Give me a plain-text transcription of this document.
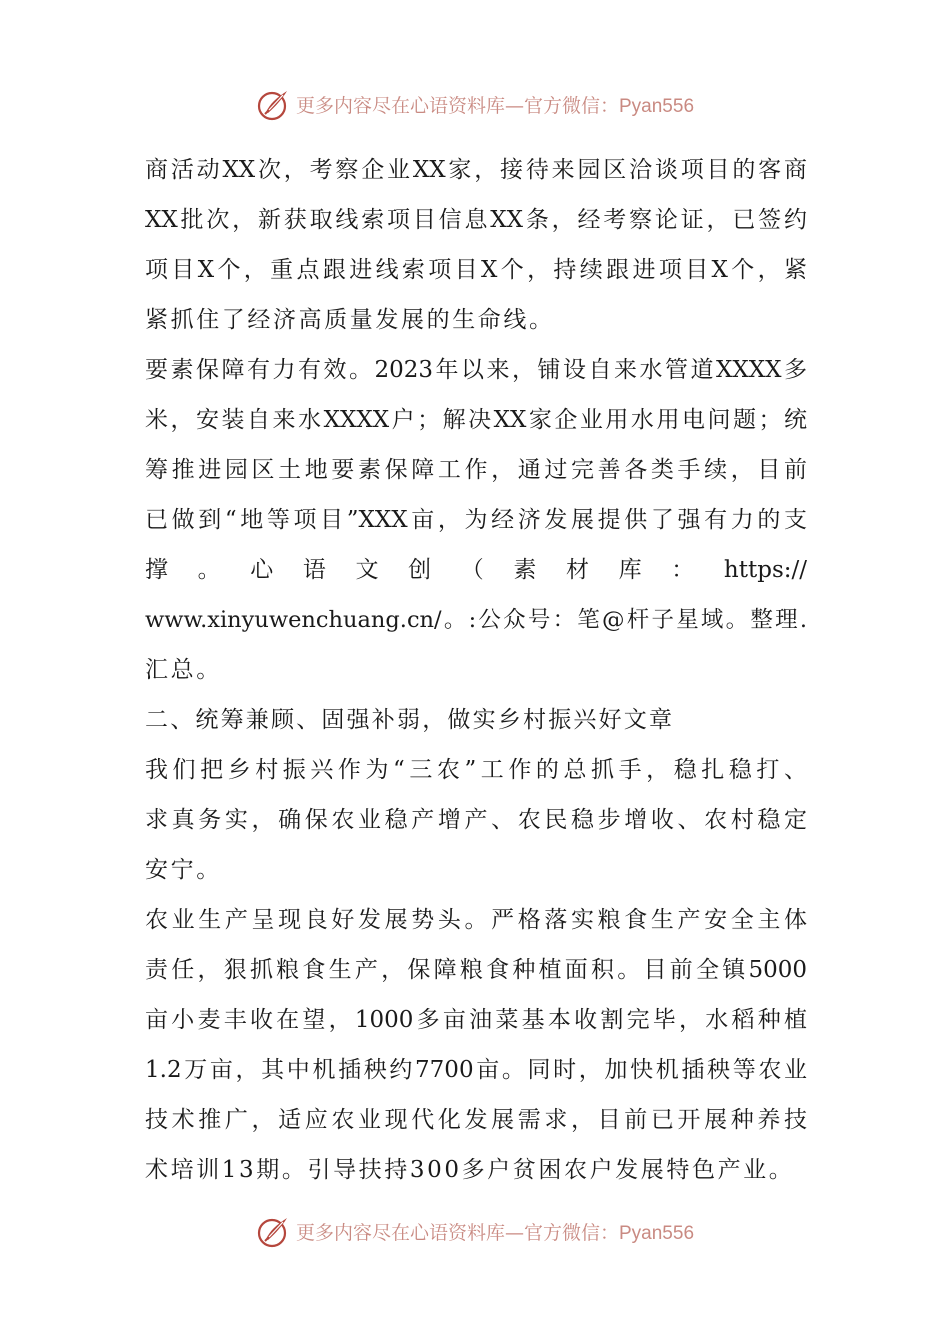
更多内容尽在心语资料库—官方微信：Pyan556
商活动XX次，考察企业XX家，接待来园区洽谈项目的客商
XX批次，新获取线索项目信息XX条，经考察论证，已签约
项目X个，重点跟进线索项目X个，持续跟进项目X个，紧
紧抓住了经济高质量发展的生命线。
要素保障有力有效。2023年以来，铺设自来水管道XXXX多
米，安装自来水XXXX户；解决XX家企业用水用电问题；统
筹推进园区土地要素保障工作，通过完善各类手续，目前
已做到“地等项目”XXX亩，为经济发展提供了强有力的支
撑 。 心 语 文 创 （ 素 材 库 ： https://
www.xinyuwenchuang.cn/。:公众号：笔@杆子星域。整理.
汇总。
二、统筹兼顾、固强补弱，做实乡村振兴好文章
我们把乡村振兴作为“三农”工作的总抓手，稳扎稳打、
求真务实，确保农业稳产增产、农民稳步增收、农村稳定
安宁。
农业生产呈现良好发展势头。严格落实粮食生产安全主体
责任，狠抓粮食生产，保障粮食种植面积。目前全镇5000
亩小麦丰收在望，1000多亩油菜基本收割完毕，水稻种植
1.2万亩，其中机插秧约7700亩。同时，加快机插秧等农业
技术推广，适应农业现代化发展需求，目前已开展种养技
术培训13期。引导扶持300多户贫困农户发展特色产业。
更多内容尽在心语资料库—官方微信：Pyan556
